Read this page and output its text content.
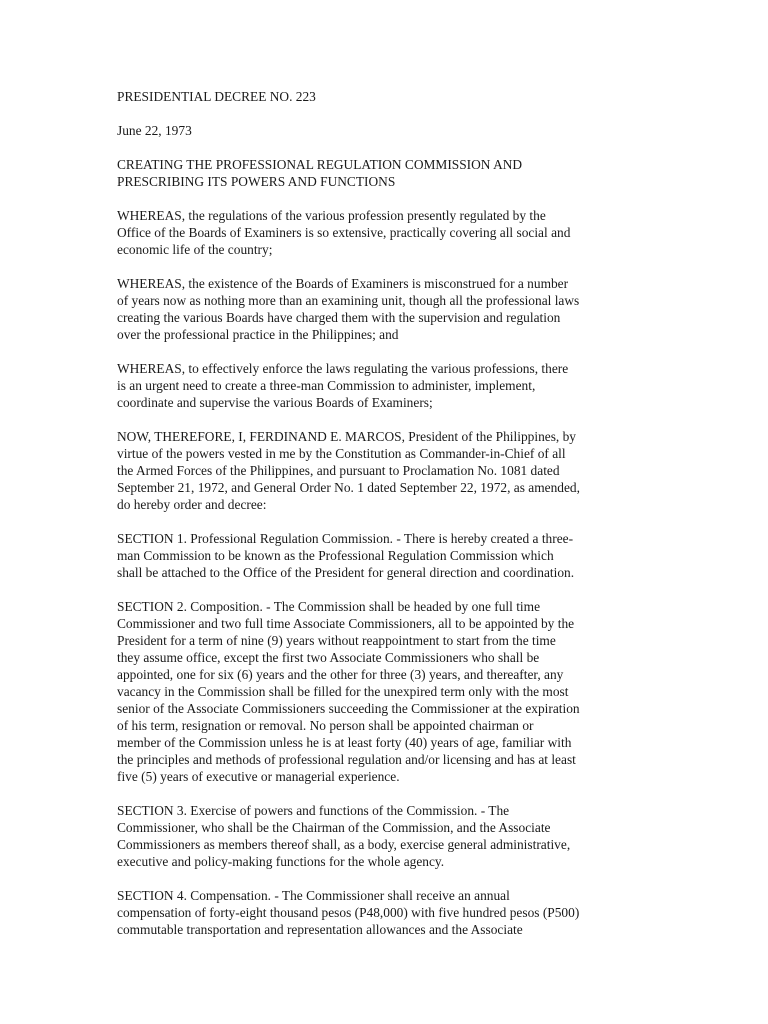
PRESIDENTIAL DECREE NO. 223

June 22, 1973

CREATING THE PROFESSIONAL REGULATION COMMISSION AND
PRESCRIBING ITS POWERS AND FUNCTIONS

WHEREAS, the regulations of the various profession presently regulated by the
Office of the Boards of Examiners is so extensive, practically covering all social and
economic life of the country;

WHEREAS, the existence of the Boards of Examiners is misconstrued for a number
of years now as nothing more than an examining unit, though all the professional laws
creating the various Boards have charged them with the supervision and regulation
over the professional practice in the Philippines; and

WHEREAS, to effectively enforce the laws regulating the various professions, there
is an urgent need to create a three-man Commission to administer, implement,
coordinate and supervise the various Boards of Examiners;

NOW, THEREFORE, I, FERDINAND E. MARCOS, President of the Philippines, by
virtue of the powers vested in me by the Constitution as Commander-in-Chief of all
the Armed Forces of the Philippines, and pursuant to Proclamation No. 1081 dated
September 21, 1972, and General Order No. 1 dated September 22, 1972, as amended,
do hereby order and decree:

SECTION 1. Professional Regulation Commission. - There is hereby created a three-
man Commission to be known as the Professional Regulation Commission which
shall be attached to the Office of the President for general direction and coordination.

SECTION 2. Composition. - The Commission shall be headed by one full time
Commissioner and two full time Associate Commissioners, all to be appointed by the
President for a term of nine (9) years without reappointment to start from the time
they assume office, except the first two Associate Commissioners who shall be
appointed, one for six (6) years and the other for three (3) years, and thereafter, any
vacancy in the Commission shall be filled for the unexpired term only with the most
senior of the Associate Commissioners succeeding the Commissioner at the expiration
of his term, resignation or removal. No person shall be appointed chairman or
member of the Commission unless he is at least forty (40) years of age, familiar with
the principles and methods of professional regulation and/or licensing and has at least
five (5) years of executive or managerial experience.

SECTION 3. Exercise of powers and functions of the Commission. - The
Commissioner, who shall be the Chairman of the Commission, and the Associate
Commissioners as members thereof shall, as a body, exercise general administrative,
executive and policy-making functions for the whole agency.

SECTION 4. Compensation. - The Commissioner shall receive an annual
compensation of forty-eight thousand pesos (P48,000) with five hundred pesos (P500)
commutable transportation and representation allowances and the Associate
